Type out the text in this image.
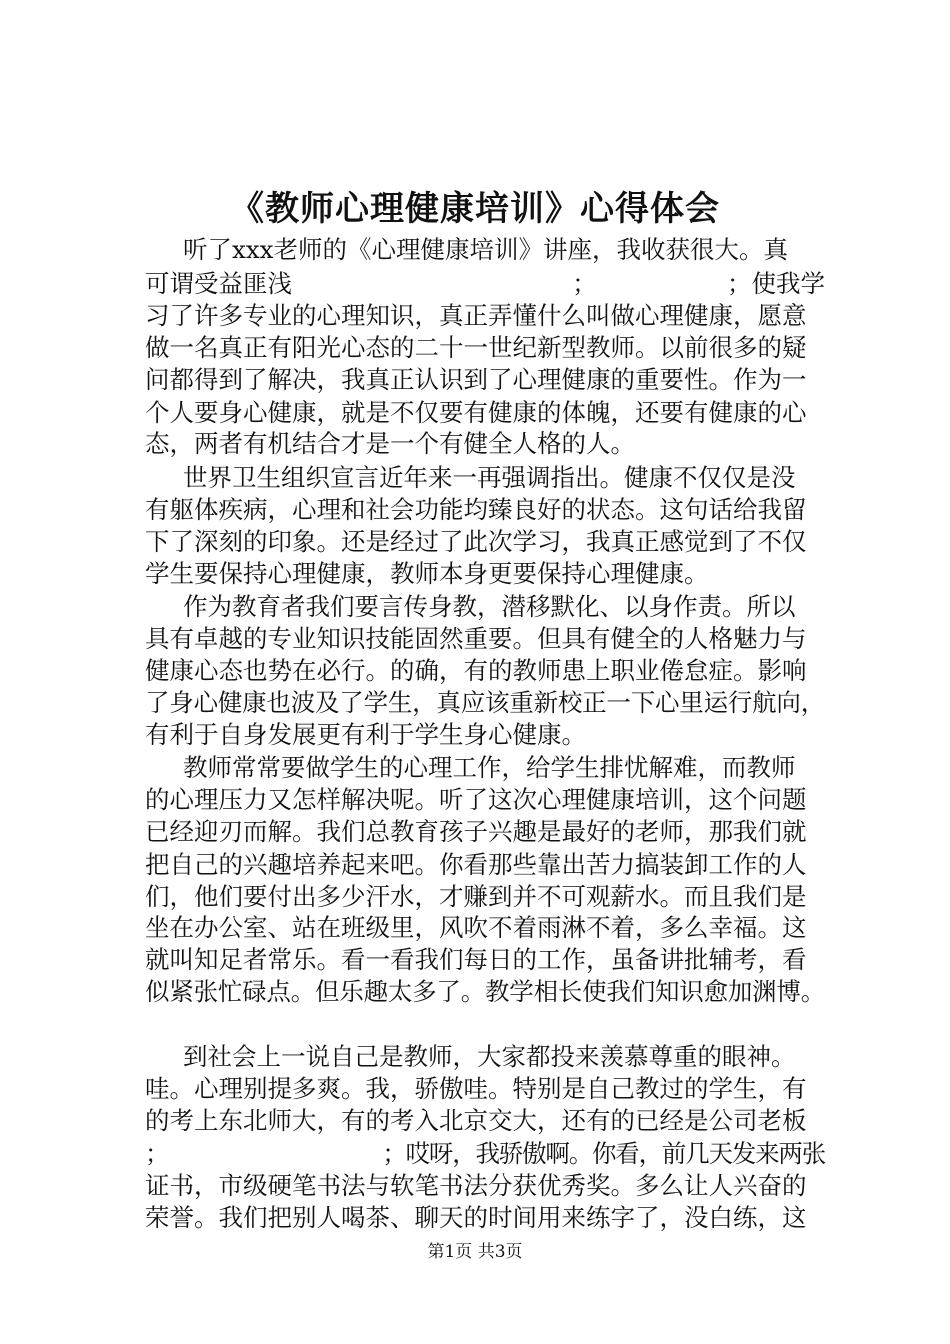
《教师心理健康培训》心得体会

听了xxx老师的《心理健康培训》讲座，我收获很大。真

可谓受益匪浅	；	；使我学

习了许多专业的心理知识，真正弄懂什么叫做心理健康，愿意

做一名真正有阳光心态的二十一世纪新型教师。以前很多的疑

问都得到了解决，我真正认识到了心理健康的重要性。作为一

个人要身心健康，就是不仅要有健康的体魄，还要有健康的心

态，两者有机结合才是一个有健全人格的人。

世界卫生组织宣言近年来一再强调指出。健康不仅仅是没

有躯体疾病，心理和社会功能均臻良好的状态。这句话给我留

下了深刻的印象。还是经过了此次学习，我真正感觉到了不仅

学生要保持心理健康，教师本身更要保持心理健康。

作为教育者我们要言传身教，潜移默化、以身作责。所以

具有卓越的专业知识技能固然重要。但具有健全的人格魅力与

健康心态也势在必行。的确，有的教师患上职业倦怠症。影响

了身心健康也波及了学生，真应该重新校正一下心里运行航向，

有利于自身发展更有利于学生身心健康。

教师常常要做学生的心理工作，给学生排忧解难，而教师

的心理压力又怎样解决呢。听了这次心理健康培训，这个问题

已经迎刃而解。我们总教育孩子兴趣是最好的老师，那我们就

把自己的兴趣培养起来吧。你看那些靠出苦力搞装卸工作的人

们，他们要付出多少汗水，才赚到并不可观薪水。而且我们是

坐在办公室、站在班级里，风吹不着雨淋不着，多么幸福。这

就叫知足者常乐。看一看我们每日的工作，虽备讲批辅考，看

似紧张忙碌点。但乐趣太多了。教学相长使我们知识愈加渊博。

到社会上一说自己是教师，大家都投来羡慕尊重的眼神。

哇。心理别提多爽。我，骄傲哇。特别是自己教过的学生，有

的考上东北师大，有的考入北京交大，还有的已经是公司老板

；	；哎呀，我骄傲啊。你看，前几天发来两张

证书，市级硬笔书法与软笔书法分获优秀奖。多么让人兴奋的

荣誉。我们把别人喝茶、聊天的时间用来练字了，没白练，这

第1页 共3页
